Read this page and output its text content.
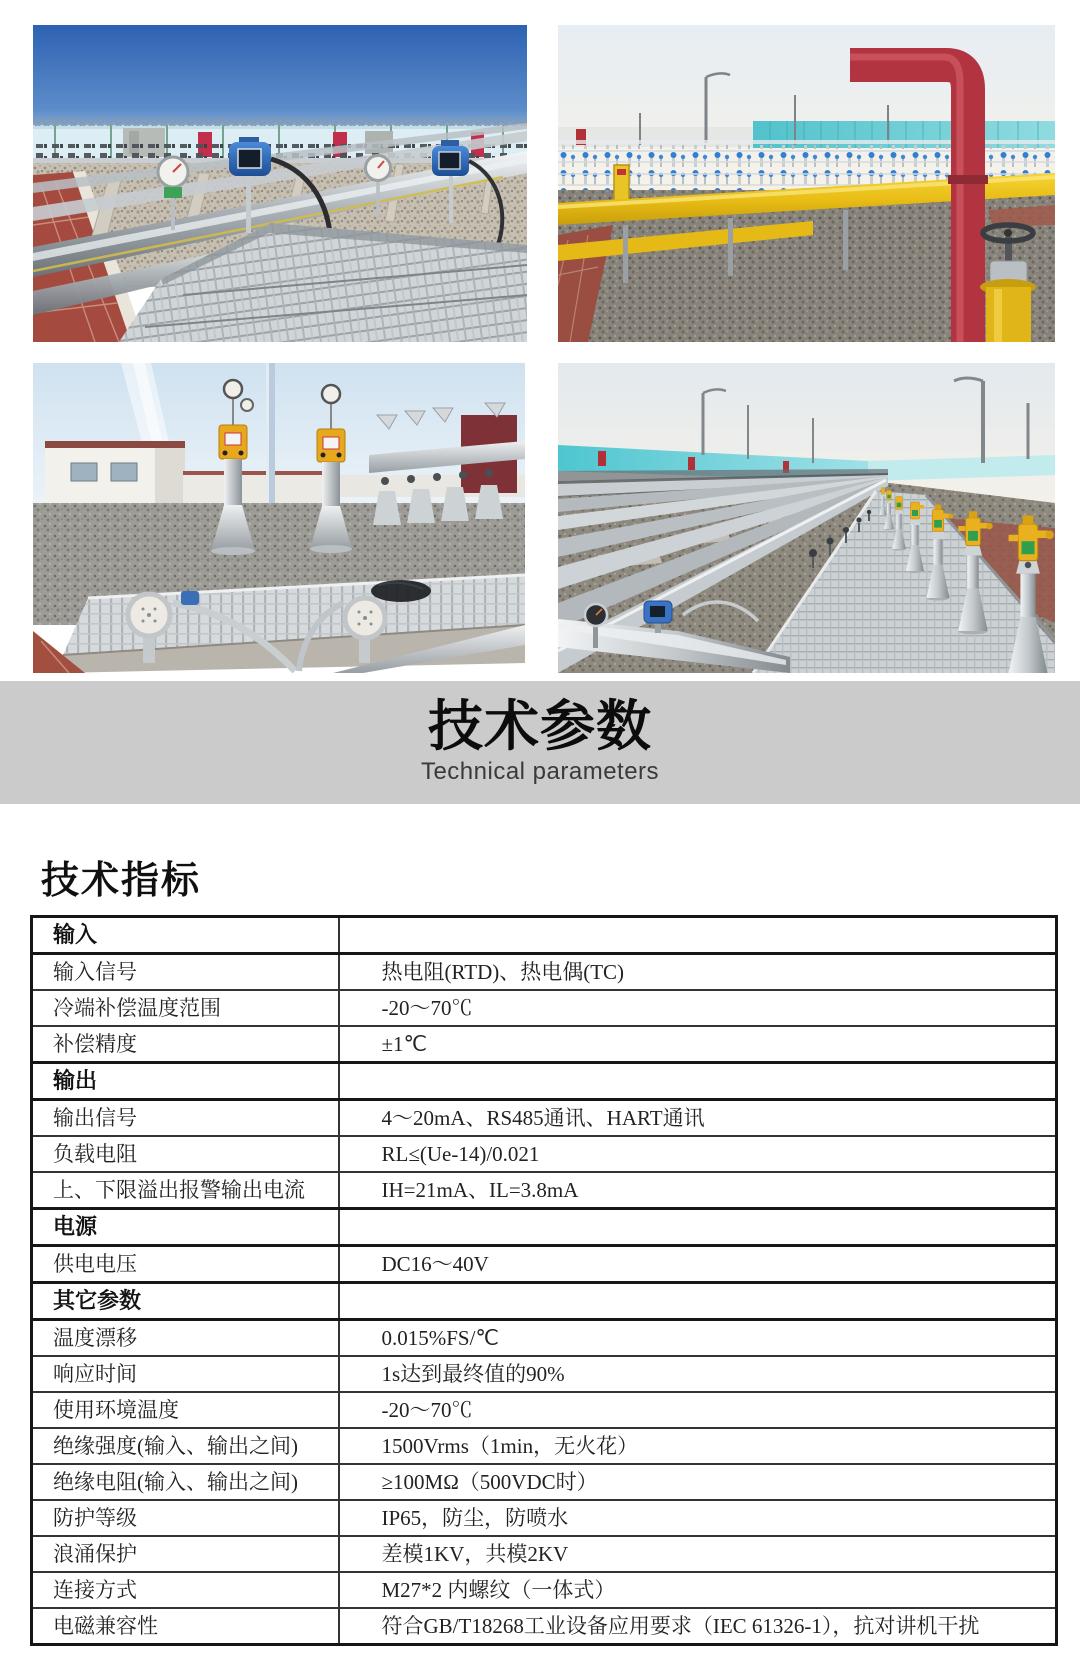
技术参数
Technical parameters
技术指标
输入	
输入信号	热电阻(RTD)、热电偶(TC)
冷端补偿温度范围	-20～70℃
补偿精度	±1℃
输出	
输出信号	4～20mA、RS485通讯、HART通讯
负载电阻	RL≤(Ue-14)/0.021
上、下限溢出报警输出电流	IH=21mA、IL=3.8mA
电源	
供电电压	DC16～40V
其它参数	
温度漂移	0.015%FS/℃
响应时间	1s达到最终值的90%
使用环境温度	-20～70℃
绝缘强度(输入、输出之间)	1500Vrms（1min，无火花）
绝缘电阻(输入、输出之间)	≥100MΩ（500VDC时）
防护等级	IP65，防尘，防喷水
浪涌保护	差模1KV，共模2KV
连接方式	M27*2 内螺纹（一体式）
电磁兼容性	符合GB/T18268工业设备应用要求（IEC 61326-1），抗对讲机干扰
